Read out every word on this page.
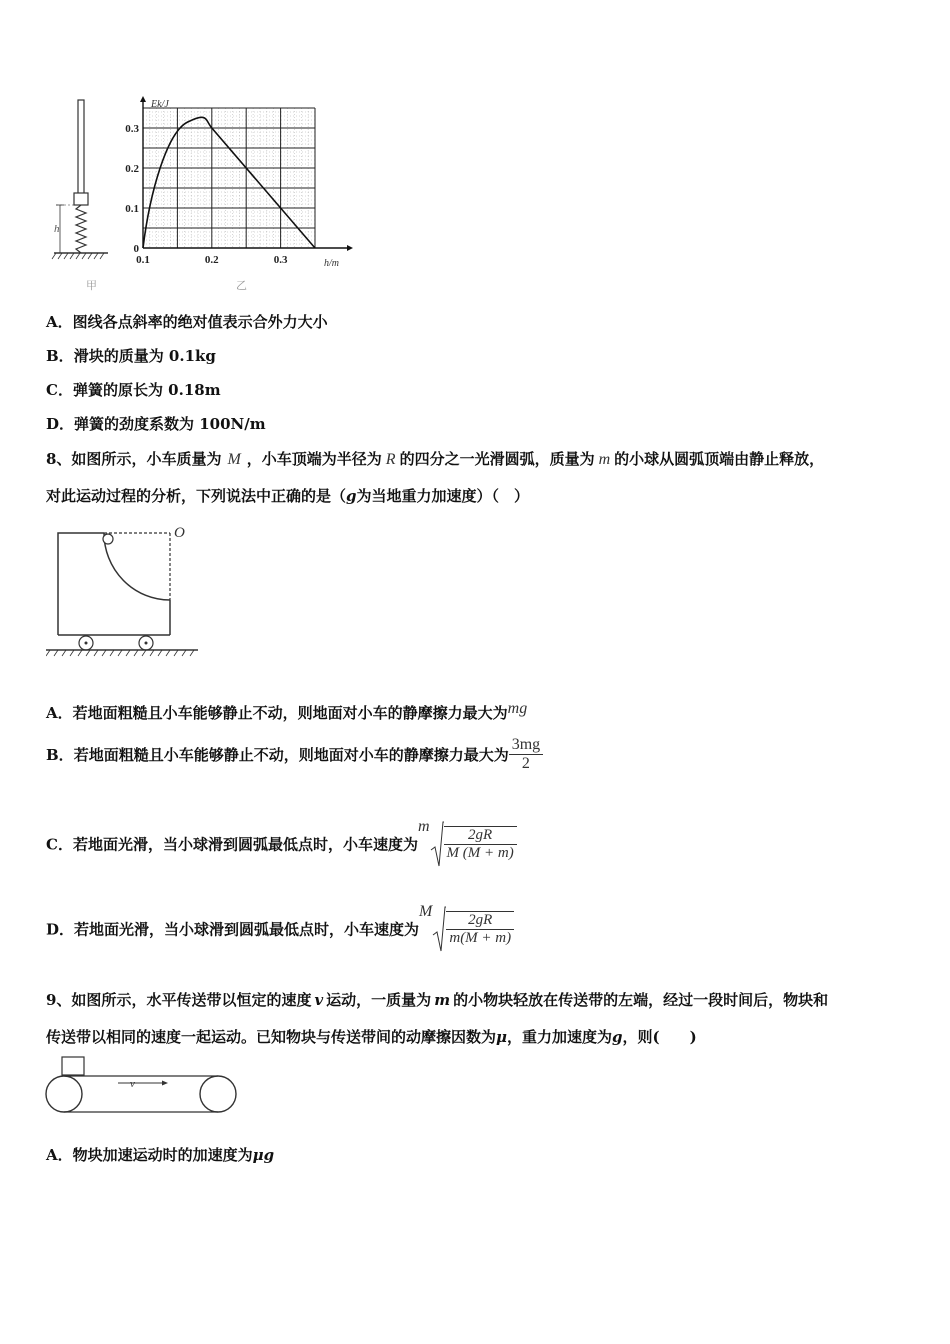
h
甲
0.1	0.2	0.3
0
0.1
0.2
0.3
Ek/J
h/m
乙
A．图线各点斜率的绝对值表示合外力大小
B．滑块的质量为 0.1kg
C．弹簧的原长为 0.18m
D．弹簧的劲度系数为 100N/m
8、如图所示，小车质量为 M ，小车顶端为半径为 R 的四分之一光滑圆弧，质量为 m 的小球从圆弧顶端由静止释放，
对此运动过程的分析，下列说法中正确的是（g为当地重力加速度）（　）
O
A．若地面粗糙且小车能够静止不动，则地面对小车的静摩擦力最大为mg
B．若地面粗糙且小车能够静止不动，则地面对小车的静摩擦力最大为 $\frac{3mg}{2}$
C．若地面光滑，当小球滑到圆弧最低点时，小车速度为m $\frac{2gR}{M (M + m)}$
D．若地面光滑，当小球滑到圆弧最低点时，小车速度为M $\frac{2gR}{m(M + m)}$
9、如图所示，水平传送带以恒定的速度 v 运动，一质量为 m 的小物块轻放在传送带的左端，经过一段时间后，物块和
传送带以相同的速度一起运动。已知物块与传送带间的动摩擦因数为μ，重力加速度为g，则(　　)
v
A．物块加速运动时的加速度为μg
